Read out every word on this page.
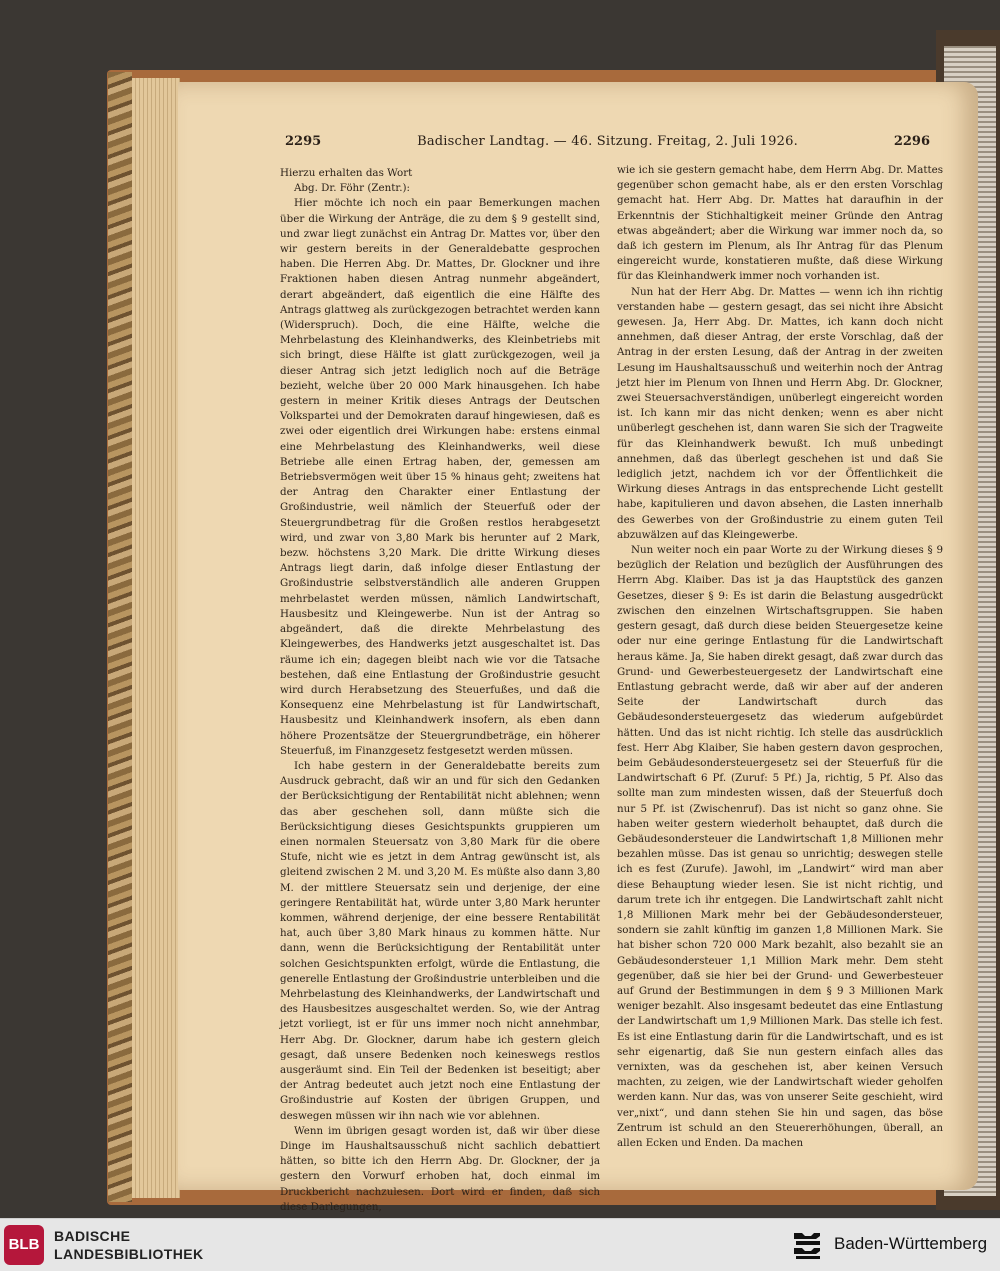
2295	Badischer Landtag. — 46. Sitzung. Freitag, 2. Juli 1926.	2296

Hierzu erhalten das Wort

Abg. Dr. Föhr (Zentr.):

Hier möchte ich noch ein paar Bemerkungen machen über die Wirkung der Anträge, die zu dem § 9 gestellt sind, und zwar liegt zunächst ein Antrag Dr. Mattes vor, über den wir gestern bereits in der Generaldebatte gesprochen haben. Die Herren Abg. Dr. Mattes, Dr. Glockner und ihre Fraktionen haben diesen Antrag nunmehr abgeändert, derart abgeändert, daß eigentlich die eine Hälfte des Antrags glattweg als zurückgezogen betrachtet werden kann (Widerspruch). Doch, die eine Hälfte, welche die Mehrbelastung des Kleinhandwerks, des Kleinbetriebs mit sich bringt, diese Hälfte ist glatt zurückgezogen, weil ja dieser Antrag sich jetzt lediglich noch auf die Beträge bezieht, welche über 20 000 Mark hinausgehen. Ich habe gestern in meiner Kritik dieses Antrags der Deutschen Volkspartei und der Demokraten darauf hingewiesen, daß es zwei oder eigentlich drei Wirkungen habe: erstens einmal eine Mehrbelastung des Kleinhandwerks, weil diese Betriebe alle einen Ertrag haben, der, gemessen am Betriebsvermögen weit über 15 % hinaus geht; zweitens hat der Antrag den Charakter einer Entlastung der Großindustrie, weil nämlich der Steuerfuß oder der Steuergrundbetrag für die Großen restlos herabgesetzt wird, und zwar von 3,80 Mark bis herunter auf 2 Mark, bezw. höchstens 3,20 Mark. Die dritte Wirkung dieses Antrags liegt darin, daß infolge dieser Entlastung der Großindustrie selbstverständlich alle anderen Gruppen mehrbelastet werden müssen, nämlich Landwirtschaft, Hausbesitz und Kleingewerbe. Nun ist der Antrag so abgeändert, daß die direkte Mehrbelastung des Kleingewerbes, des Handwerks jetzt ausgeschaltet ist. Das räume ich ein; dagegen bleibt nach wie vor die Tatsache bestehen, daß eine Entlastung der Großindustrie gesucht wird durch Herabsetzung des Steuerfußes, und daß die Konsequenz eine Mehrbelastung ist für Landwirtschaft, Hausbesitz und Kleinhandwerk insofern, als eben dann höhere Prozentsätze der Steuergrundbeträge, ein höherer Steuerfuß, im Finanzgesetz festgesetzt werden müssen.

Ich habe gestern in der Generaldebatte bereits zum Ausdruck gebracht, daß wir an und für sich den Gedanken der Berücksichtigung der Rentabilität nicht ablehnen; wenn das aber geschehen soll, dann müßte sich die Berücksichtigung dieses Gesichtspunkts gruppieren um einen normalen Steuersatz von 3,80 Mark für die obere Stufe, nicht wie es jetzt in dem Antrag gewünscht ist, als gleitend zwischen 2 M. und 3,20 M. Es müßte also dann 3,80 M. der mittlere Steuersatz sein und derjenige, der eine geringere Rentabilität hat, würde unter 3,80 Mark herunter kommen, während derjenige, der eine bessere Rentabilität hat, auch über 3,80 Mark hinaus zu kommen hätte. Nur dann, wenn die Berücksichtigung der Rentabilität unter solchen Gesichtspunkten erfolgt, würde die Entlastung, die generelle Entlastung der Großindustrie unterbleiben und die Mehrbelastung des Kleinhandwerks, der Landwirtschaft und des Hausbesitzes ausgeschaltet werden. So, wie der Antrag jetzt vorliegt, ist er für uns immer noch nicht annehmbar, Herr Abg. Dr. Glockner, darum habe ich gestern gleich gesagt, daß unsere Bedenken noch keineswegs restlos ausgeräumt sind. Ein Teil der Bedenken ist beseitigt; aber der Antrag bedeutet auch jetzt noch eine Entlastung der Großindustrie auf Kosten der übrigen Gruppen, und deswegen müssen wir ihn nach wie vor ablehnen.

Wenn im übrigen gesagt worden ist, daß wir über diese Dinge im Haushaltsausschuß nicht sachlich debattiert hätten, so bitte ich den Herrn Abg. Dr. Glockner, der ja gestern den Vorwurf erhoben hat, doch einmal im Druckbericht nachzulesen. Dort wird er finden, daß sich diese Darlegungen,

wie ich sie gestern gemacht habe, dem Herrn Abg. Dr. Mattes gegenüber schon gemacht habe, als er den ersten Vorschlag gemacht hat. Herr Abg. Dr. Mattes hat daraufhin in der Erkenntnis der Stichhaltigkeit meiner Gründe den Antrag etwas abgeändert; aber die Wirkung war immer noch da, so daß ich gestern im Plenum, als Ihr Antrag für das Plenum eingereicht wurde, konstatieren mußte, daß diese Wirkung für das Kleinhandwerk immer noch vorhanden ist.

Nun hat der Herr Abg. Dr. Mattes — wenn ich ihn richtig verstanden habe — gestern gesagt, das sei nicht ihre Absicht gewesen. Ja, Herr Abg. Dr. Mattes, ich kann doch nicht annehmen, daß dieser Antrag, der erste Vorschlag, daß der Antrag in der ersten Lesung, daß der Antrag in der zweiten Lesung im Haushaltsausschuß und weiterhin noch der Antrag jetzt hier im Plenum von Ihnen und Herrn Abg. Dr. Glockner, zwei Steuersachverständigen, unüberlegt eingereicht worden ist. Ich kann mir das nicht denken; wenn es aber nicht unüberlegt geschehen ist, dann waren Sie sich der Tragweite für das Kleinhandwerk bewußt. Ich muß unbedingt annehmen, daß das überlegt geschehen ist und daß Sie lediglich jetzt, nachdem ich vor der Öffentlichkeit die Wirkung dieses Antrags in das entsprechende Licht gestellt habe, kapitulieren und davon absehen, die Lasten innerhalb des Gewerbes von der Großindustrie zu einem guten Teil abzuwälzen auf das Kleingewerbe.

Nun weiter noch ein paar Worte zu der Wirkung dieses § 9 bezüglich der Relation und bezüglich der Ausführungen des Herrn Abg. Klaiber. Das ist ja das Hauptstück des ganzen Gesetzes, dieser § 9: Es ist darin die Belastung ausgedrückt zwischen den einzelnen Wirtschaftsgruppen. Sie haben gestern gesagt, daß durch diese beiden Steuergesetze keine oder nur eine geringe Entlastung für die Landwirtschaft heraus käme. Ja, Sie haben direkt gesagt, daß zwar durch das Grund- und Gewerbesteuergesetz der Landwirtschaft eine Entlastung gebracht werde, daß wir aber auf der anderen Seite der Landwirtschaft durch das Gebäudesondersteuergesetz das wiederum aufgebürdet hätten. Und das ist nicht richtig. Ich stelle das ausdrücklich fest. Herr Abg Klaiber, Sie haben gestern davon gesprochen, beim Gebäudesondersteuergesetz sei der Steuerfuß für die Landwirtschaft 6 Pf. (Zuruf: 5 Pf.) Ja, richtig, 5 Pf. Also das sollte man zum mindesten wissen, daß der Steuerfuß doch nur 5 Pf. ist (Zwischenruf). Das ist nicht so ganz ohne. Sie haben weiter gestern wiederholt behauptet, daß durch die Gebäudesondersteuer die Landwirtschaft 1,8 Millionen mehr bezahlen müsse. Das ist genau so unrichtig; deswegen stelle ich es fest (Zurufe). Jawohl, im „Landwirt“ wird man aber diese Behauptung wieder lesen. Sie ist nicht richtig, und darum trete ich ihr entgegen. Die Landwirtschaft zahlt nicht 1,8 Millionen Mark mehr bei der Gebäudesondersteuer, sondern sie zahlt künftig im ganzen 1,8 Millionen Mark. Sie hat bisher schon 720 000 Mark bezahlt, also bezahlt sie an Gebäudesondersteuer 1,1 Million Mark mehr. Dem steht gegenüber, daß sie hier bei der Grund- und Gewerbesteuer auf Grund der Bestimmungen in dem § 9 3 Millionen Mark weniger bezahlt. Also insgesamt bedeutet das eine Entlastung der Landwirtschaft um 1,9 Millionen Mark. Das stelle ich fest. Es ist eine Entlastung darin für die Landwirtschaft, und es ist sehr eigenartig, daß Sie nun gestern einfach alles das vernixten, was da geschehen ist, aber keinen Versuch machten, zu zeigen, wie der Landwirtschaft wieder geholfen werden kann. Nur das, was von unserer Seite geschieht, wird ver„nixt“, und dann stehen Sie hin und sagen, das böse Zentrum ist schuld an den Steuererhöhungen, überall, an allen Ecken und Enden. Da machen

BLB	BADISCHE
LANDESBIBLIOTHEK
Baden-Württemberg
